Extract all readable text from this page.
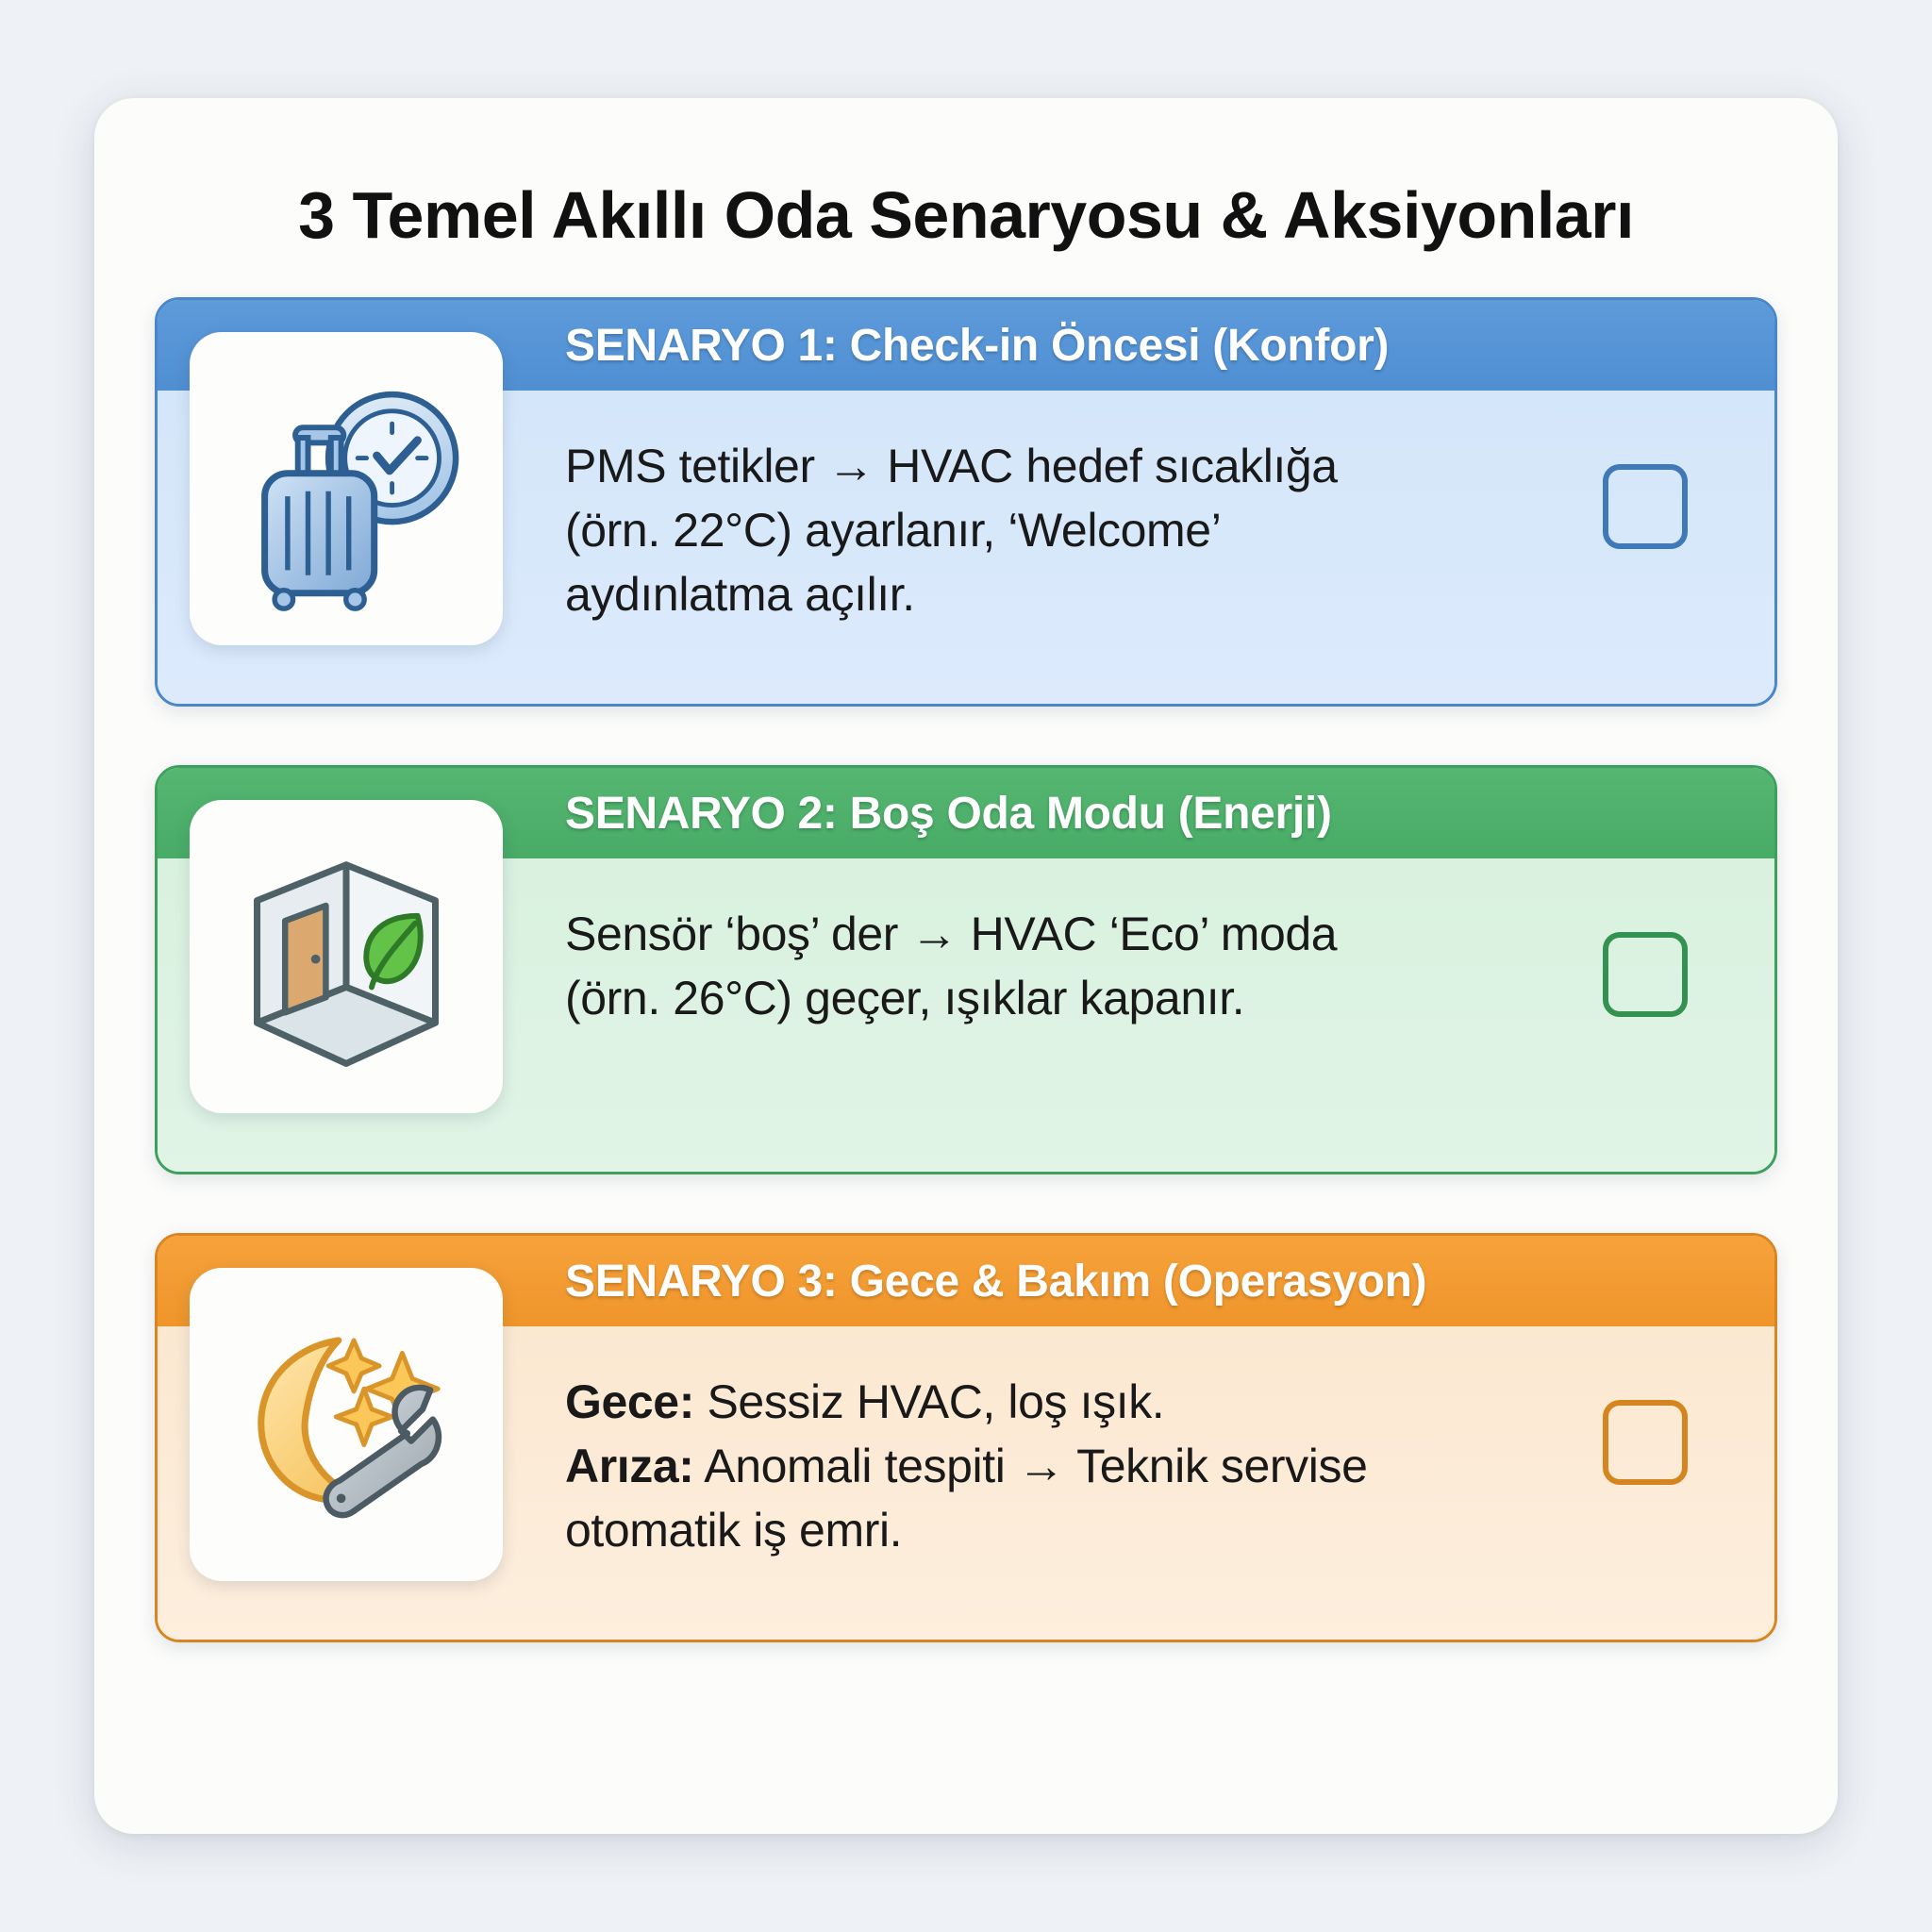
3 Temel Akıllı Oda Senaryosu & Aksiyonları
SENARYO 1: Check-in Öncesi (Konfor)
PMS tetikler → HVAC hedef sıcaklığa
(örn. 22°C) ayarlanır, ‘Welcome’
aydınlatma açılır.
SENARYO 2: Boş Oda Modu (Enerji)
Sensör ‘boş’ der → HVAC ‘Eco’ moda
(örn. 26°C) geçer, ışıklar kapanır.
SENARYO 3: Gece & Bakım (Operasyon)
Gece: Sessiz HVAC, loş ışık.
Arıza: Anomali tespiti → Teknik servise
otomatik iş emri.
